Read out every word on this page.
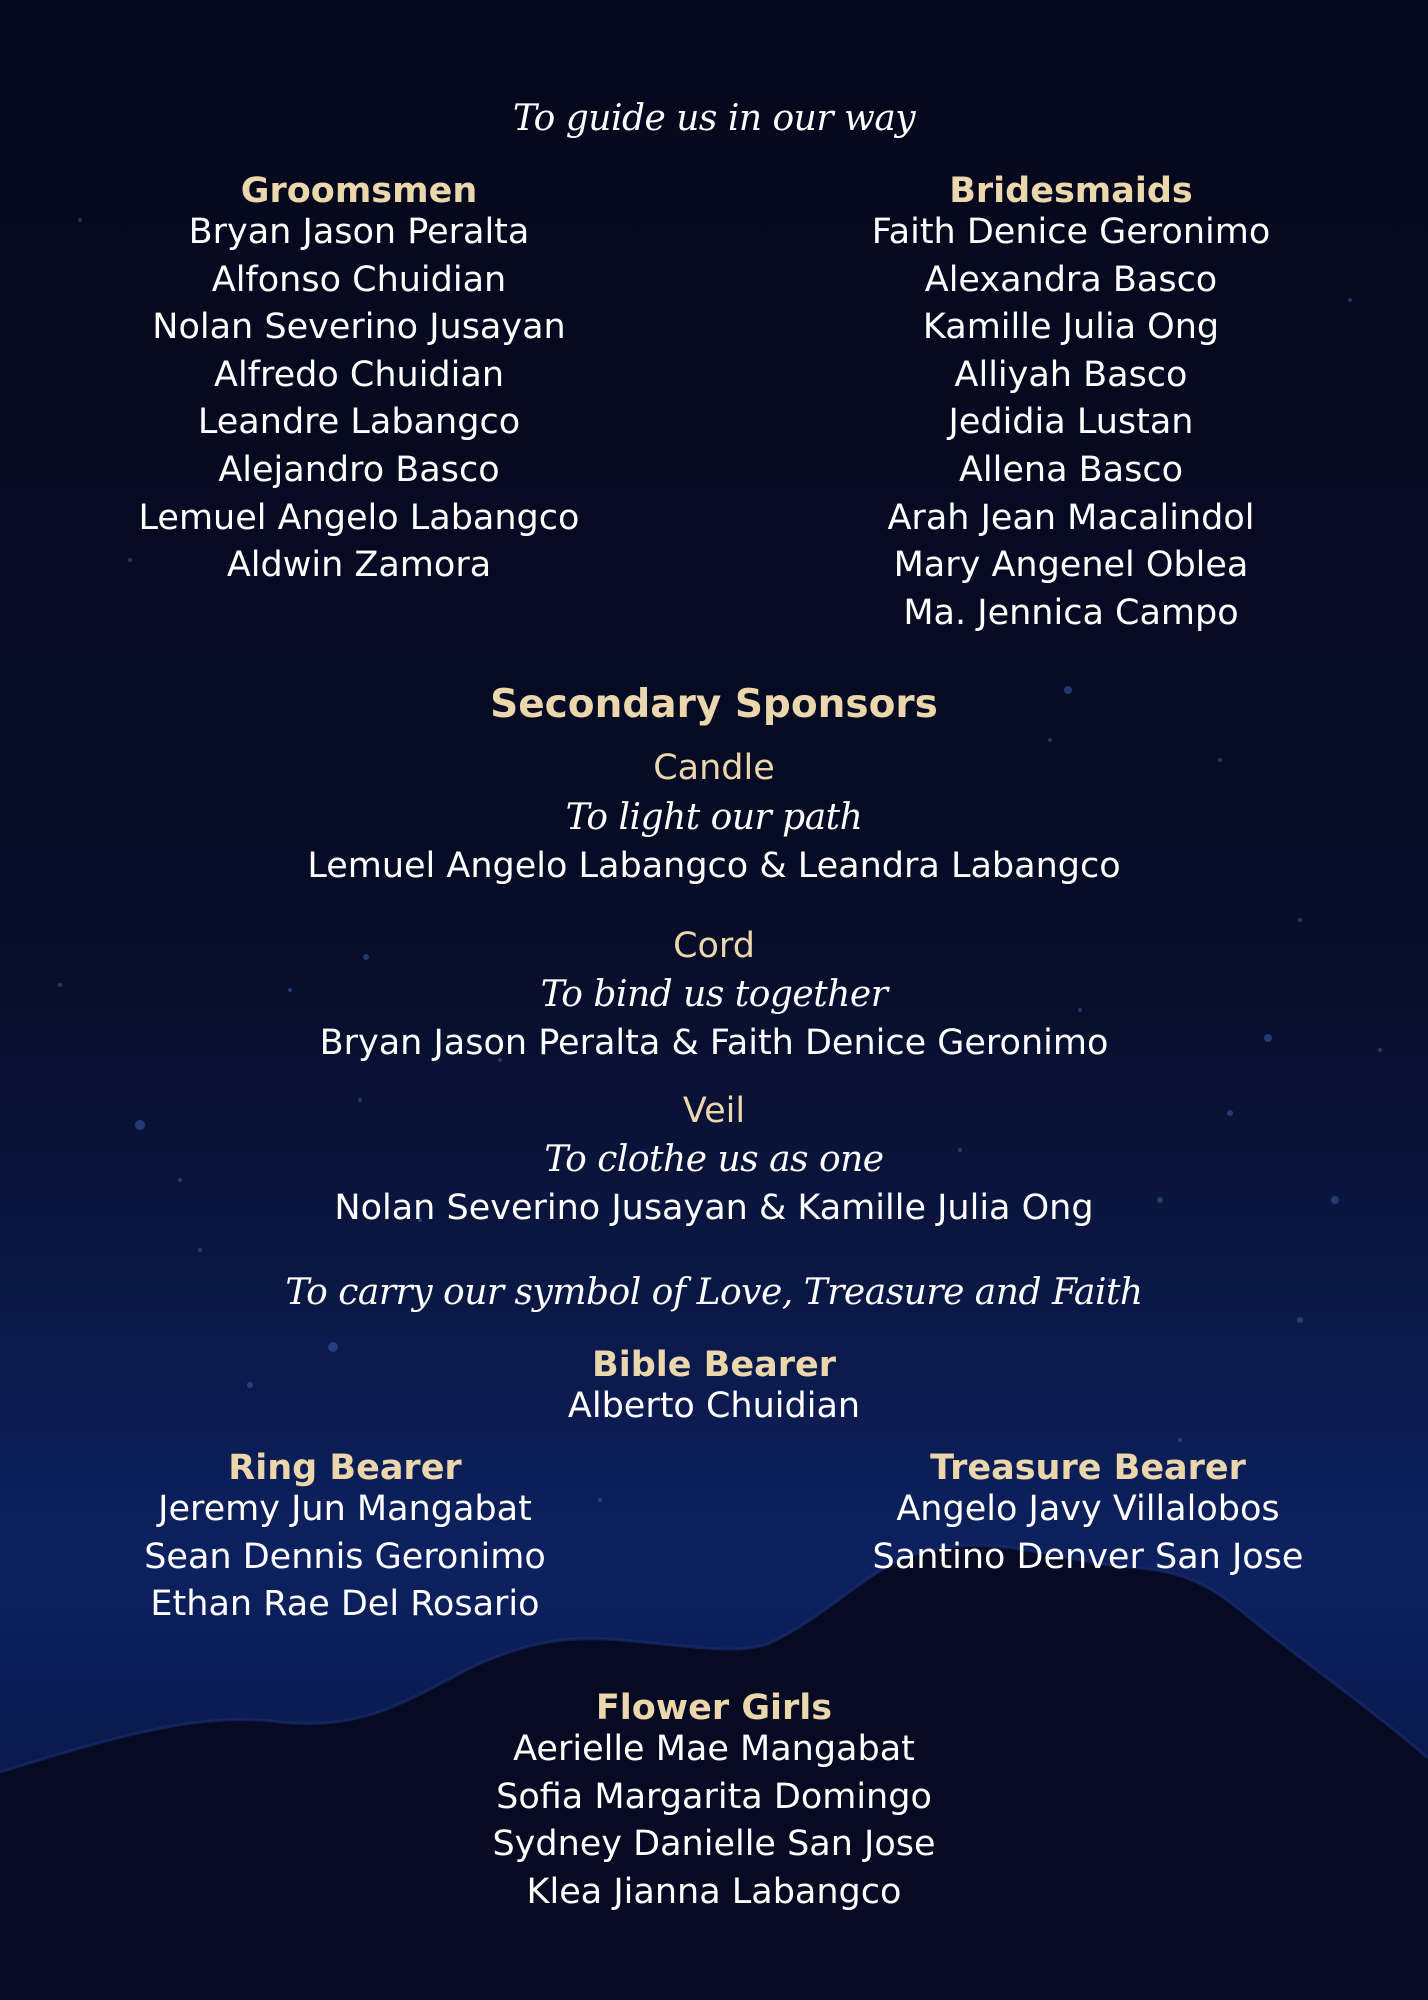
To guide us in our way
Groomsmen
Bryan Jason Peralta
Alfonso Chuidian
Nolan Severino Jusayan
Alfredo Chuidian
Leandre Labangco
Alejandro Basco
Lemuel Angelo Labangco
Aldwin Zamora
Bridesmaids
Faith Denice Geronimo
Alexandra Basco
Kamille Julia Ong
Alliyah Basco
Jedidia Lustan
Allena Basco
Arah Jean Macalindol
Mary Angenel Oblea
Ma. Jennica Campo
Secondary Sponsors
Candle
To light our path
Lemuel Angelo Labangco & Leandra Labangco
Cord
To bind us together
Bryan Jason Peralta & Faith Denice Geronimo
Veil
To clothe us as one
Nolan Severino Jusayan & Kamille Julia Ong
To carry our symbol of Love, Treasure and Faith
Bible Bearer
Alberto Chuidian
Ring Bearer
Jeremy Jun Mangabat
Sean Dennis Geronimo
Ethan Rae Del Rosario
Treasure Bearer
Angelo Javy Villalobos
Santino Denver San Jose
Flower Girls
Aerielle Mae Mangabat
Sofia Margarita Domingo
Sydney Danielle San Jose
Klea Jianna Labangco
